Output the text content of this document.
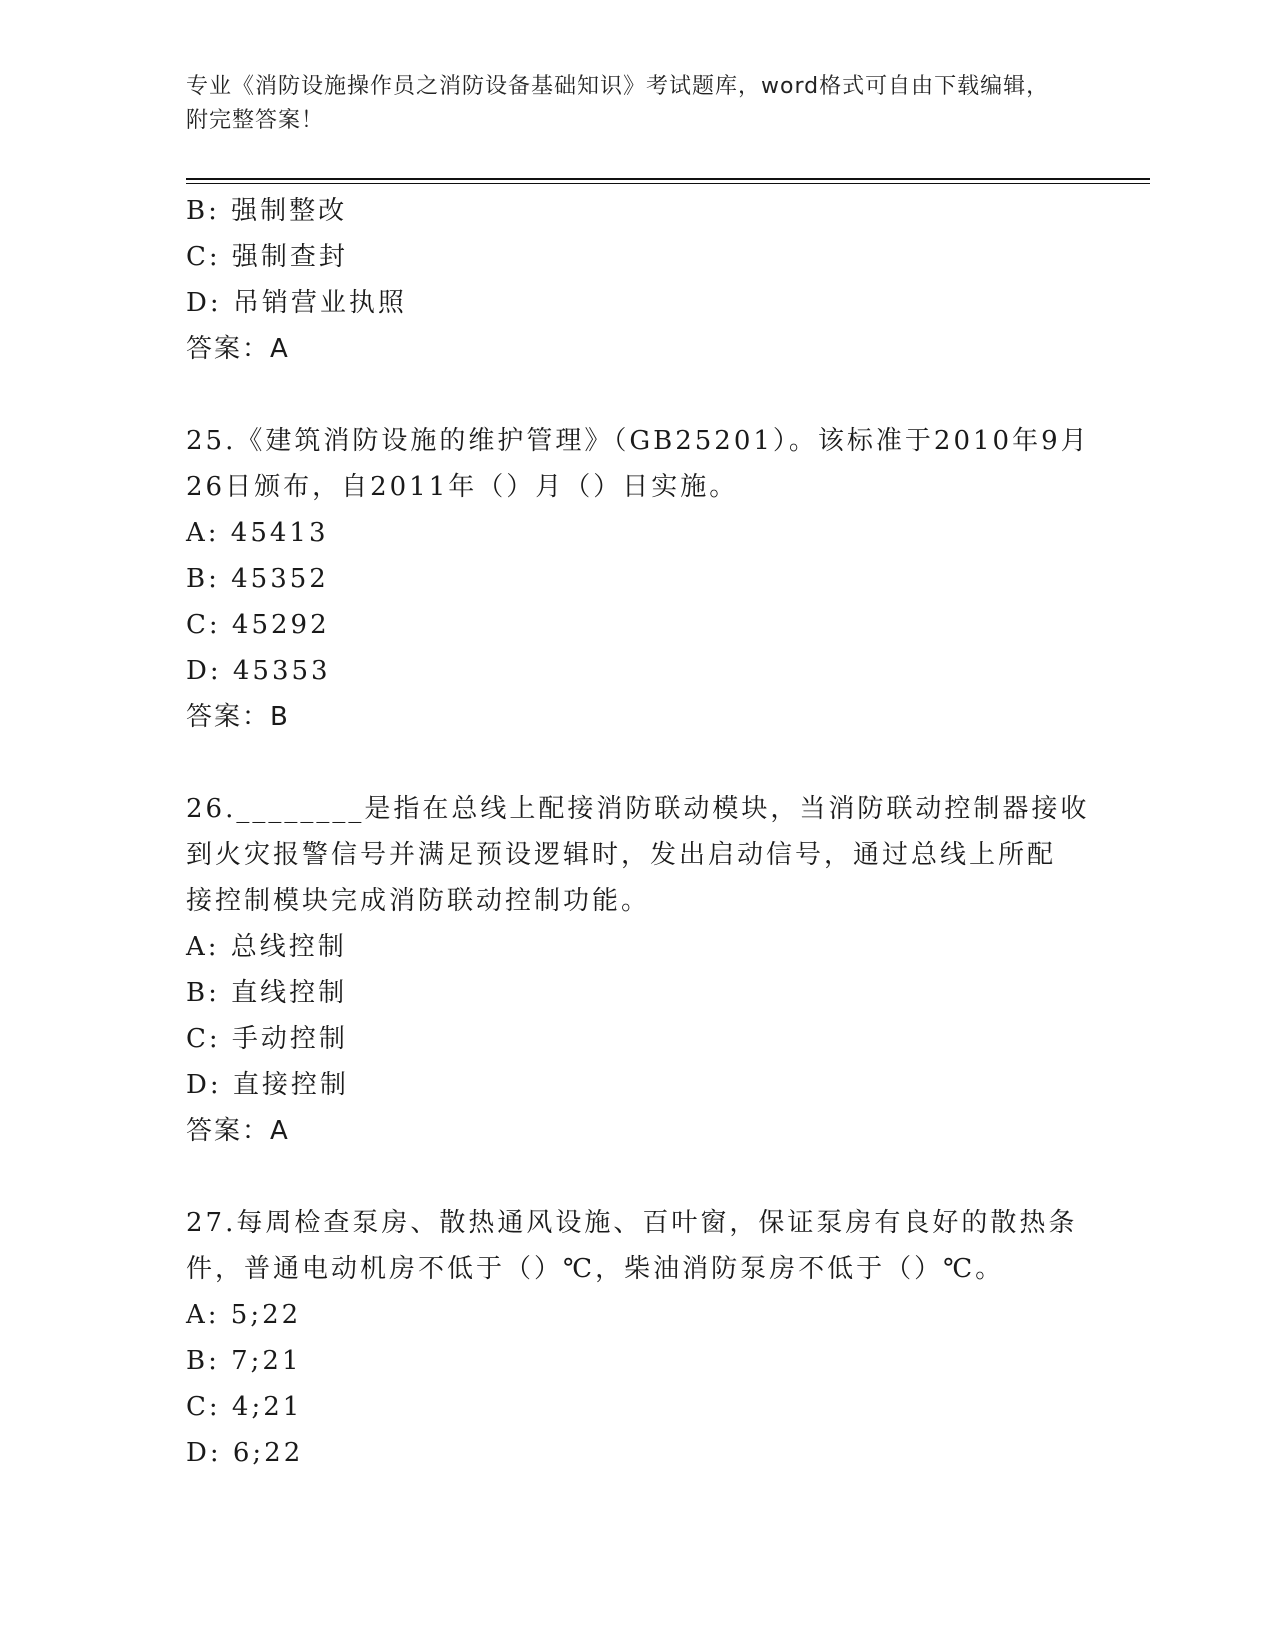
专业《消防设施操作员之消防设备基础知识》考试题库，word格式可自由下载编辑，附完整答案！
B: 强制整改
C: 强制查封
D: 吊销营业执照
答案：A
25.《建筑消防设施的维护管理》（GB25201）。该标准于2010年9月
26日颁布，自2011年（）月（）日实施。
A: 45413
B: 45352
C: 45292
D: 45353
答案：B
26.________是指在总线上配接消防联动模块，当消防联动控制器接收
到火灾报警信号并满足预设逻辑时，发出启动信号，通过总线上所配
接控制模块完成消防联动控制功能。
A: 总线控制
B: 直线控制
C: 手动控制
D: 直接控制
答案：A
27.每周检查泵房、散热通风设施、百叶窗，保证泵房有良好的散热条
件，普通电动机房不低于（）℃，柴油消防泵房不低于（）℃。
A: 5;22
B: 7;21
C: 4;21
D: 6;22
